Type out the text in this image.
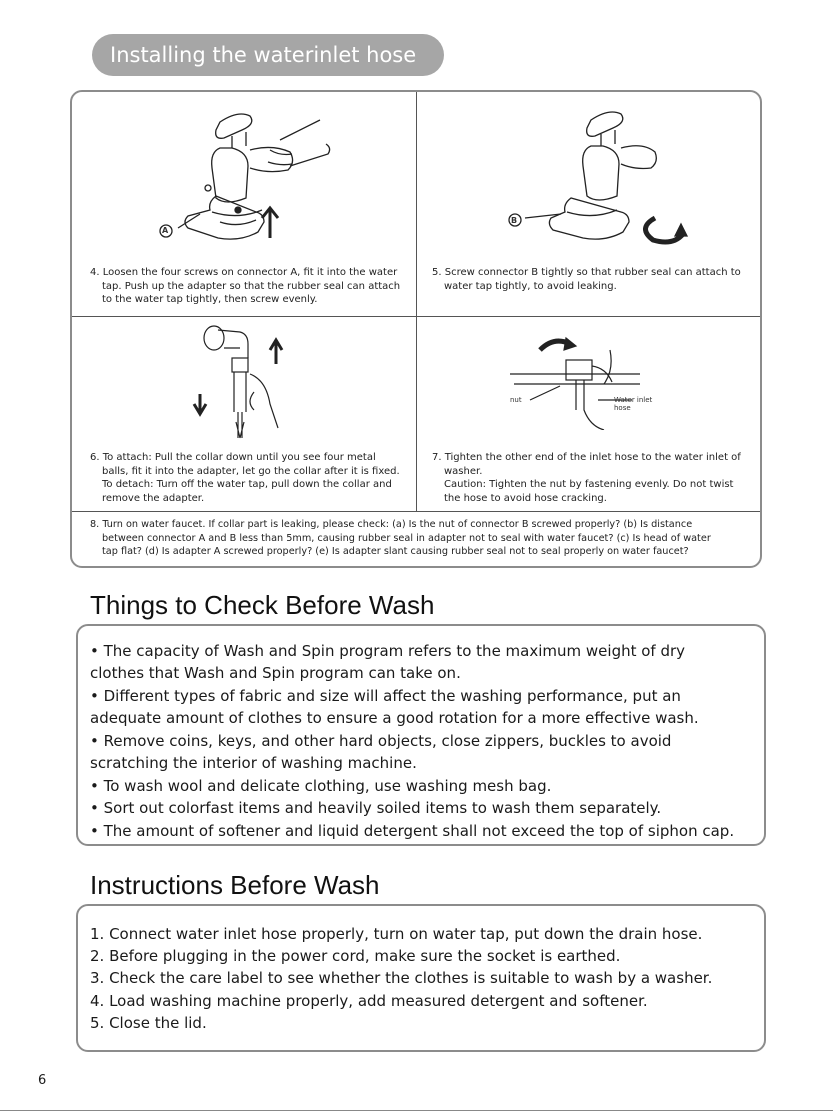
Installing the waterinlet hose
A
B
4. Loosen the four screws on connector A, fit it into the water
tap. Push up the adapter so that the rubber seal can attach
to the water tap tightly, then screw evenly.
5. Screw connector B tightly so that rubber seal can attach to
water tap tightly, to avoid leaking.
nut	Water inlet
hose
6. To attach: Pull the collar down until you see four metal
balls, fit it into the adapter, let go the collar after it is fixed.
To detach: Turn off the water tap, pull down the collar and
remove the adapter.
7. Tighten the other end of the inlet hose to the water inlet of
washer.
Caution: Tighten the nut by fastening evenly. Do not twist
the hose to avoid hose cracking.
8. Turn on water faucet. If collar part is leaking, please check: (a) Is the nut of connector B screwed properly? (b) Is distance
between connector A and B less than 5mm, causing rubber seal in adapter not to seal with water faucet? (c) Is head of water
tap flat? (d) Is adapter A screwed properly? (e) Is adapter slant causing rubber seal not to seal properly on water faucet?
Things to Check Before Wash
• The capacity of Wash and Spin program refers to the maximum weight of dry
clothes that Wash and Spin program can take on.
• Different types of fabric and size will affect the washing performance, put an
adequate amount of clothes to ensure a good rotation for a more effective wash.
• Remove coins, keys, and other hard objects, close zippers, buckles to avoid
scratching the interior of washing machine.
• To wash wool and delicate clothing, use washing mesh bag.
• Sort out colorfast items and heavily soiled items to wash them separately.
• The amount of softener and liquid detergent shall not exceed the top of siphon cap.
Instructions Before Wash
1. Connect water inlet hose properly, turn on water tap, put down the drain hose.
2. Before plugging in the power cord, make sure the socket is earthed.
3. Check the care label to see whether the clothes is suitable to wash by a washer.
4. Load washing machine properly, add measured detergent and softener.
5. Close the lid.
6
